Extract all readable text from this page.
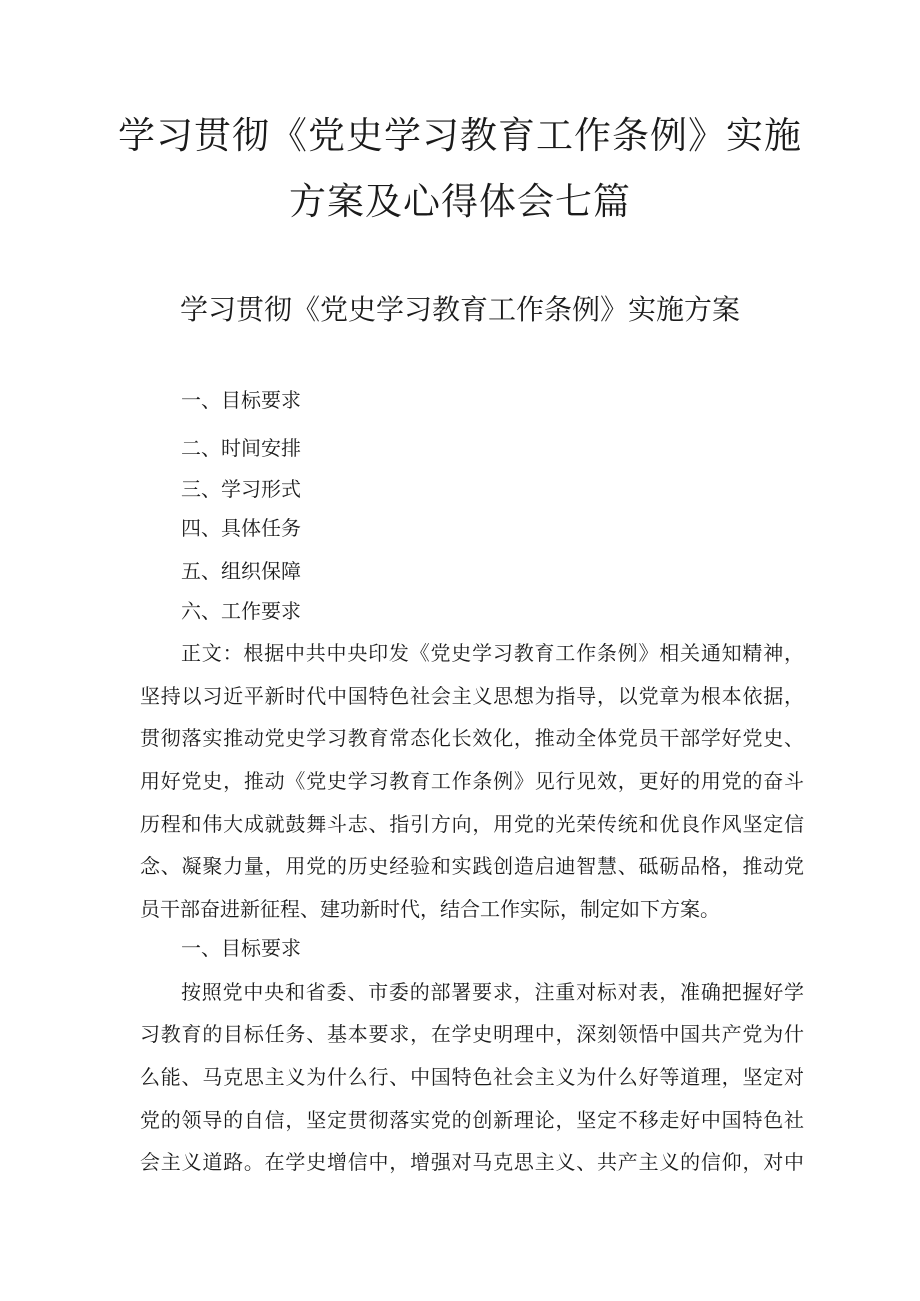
学习贯彻《党史学习教育工作条例》实施
方案及心得体会七篇
学习贯彻《党史学习教育工作条例》实施方案
一、目标要求
二、时间安排
三、学习形式
四、具体任务
五、组织保障
六、工作要求
正文：根据中共中央印发《党史学习教育工作条例》相关通知精神，
坚持以习近平新时代中国特色社会主义思想为指导，以党章为根本依据，
贯彻落实推动党史学习教育常态化长效化，推动全体党员干部学好党史、
用好党史，推动《党史学习教育工作条例》见行见效，更好的用党的奋斗
历程和伟大成就鼓舞斗志、指引方向，用党的光荣传统和优良作风坚定信
念、凝聚力量，用党的历史经验和实践创造启迪智慧、砥砺品格，推动党
员干部奋进新征程、建功新时代，结合工作实际，制定如下方案。
一、目标要求
按照党中央和省委、市委的部署要求，注重对标对表，准确把握好学
习教育的目标任务、基本要求，在学史明理中，深刻领悟中国共产党为什
么能、马克思主义为什么行、中国特色社会主义为什么好等道理，坚定对
党的领导的自信，坚定贯彻落实党的创新理论，坚定不移走好中国特色社
会主义道路。在学史增信中，增强对马克思主义、共产主义的信仰，对中
